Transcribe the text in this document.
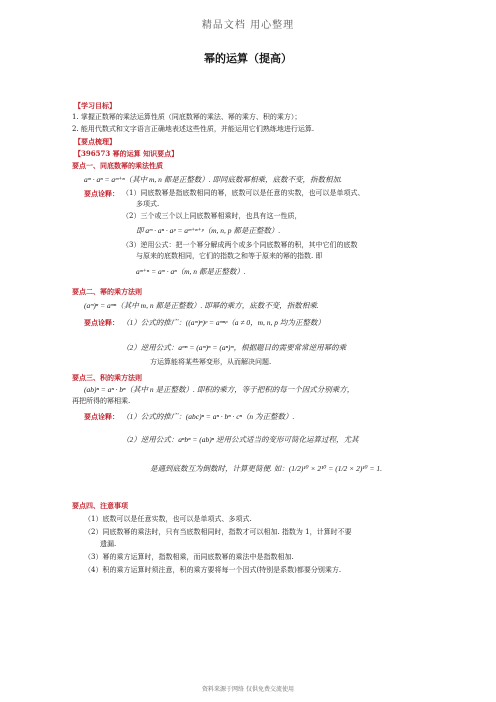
精品文档 用心整理
幂的运算（提高）
【学习目标】
1. 掌握正数幂的乘法运算性质（同底数幂的乘法、幂的乘方、积的乘方）；
2. 能用代数式和文字语言正确地表述这些性质，并能运用它们熟练地进行运算.
【要点梳理】
【396573 幂的运算 知识要点】
要点一、同底数幂的乘法性质
aᵐ · aⁿ = aᵐ⁺ⁿ（其中 m, n 都是正整数）. 即同底数幂相乘，底数不变，指数相加.
要点诠释： （1）同底数幂是指底数相同的幂，底数可以是任意的实数，也可以是单项式、
多项式.
（2）三个或三个以上同底数幂相乘时，也具有这一性质，
即 aᵐ · aⁿ · aᵖ = aᵐ⁺ⁿ⁺ᵖ（m, n, p 都是正整数）.
（3）逆用公式：把一个幂分解成两个或多个同底数幂的积，其中它们的底数
与原来的底数相同，它们的指数之和等于原来的幂的指数. 即
aᵐ⁺ⁿ = aᵐ · aⁿ（m, n 都是正整数）.
要点二、幂的乘方法则
(aᵐ)ⁿ = aᵐⁿ（其中 m, n 都是正整数）. 即幂的乘方，底数不变，指数相乘.
要点诠释： （1）公式的推广：((aᵐ)ⁿ)ᵖ = aᵐⁿᵖ（a ≠ 0，m, n, p 均为正整数）
（2）逆用公式：aᵐⁿ = (aᵐ)ⁿ = (aⁿ)ᵐ，根据题目的需要常常逆用幂的乘
方运算能将某些幂变形，从而解决问题.
要点三、积的乘方法则
(ab)ⁿ = aⁿ · bⁿ（其中 n 是正整数）. 即积的乘方，等于把积的每一个因式分别乘方，
再把所得的幂相乘.
要点诠释： （1）公式的推广：(abc)ⁿ = aⁿ · bⁿ · cⁿ（n 为正整数）.
（2）逆用公式：aⁿbⁿ = (ab)ⁿ 逆用公式适当的变形可简化运算过程，尤其
是遇到底数互为倒数时，计算更简便. 如：(1/2)¹⁰ × 2¹⁰ = (1/2 × 2)¹⁰ = 1.
要点四、注意事项
（1）底数可以是任意实数，也可以是单项式、多项式.
（2）同底数幂的乘法时，只有当底数相同时，指数才可以相加. 指数为 1，计算时不要
遗漏.
（3）幂的乘方运算时，指数相乘，而同底数幂的乘法中是指数相加.
（4）积的乘方运算时须注意，积的乘方要将每一个因式(特别是系数)都要分别乘方.
资料来源于网络 仅供免费交流使用
